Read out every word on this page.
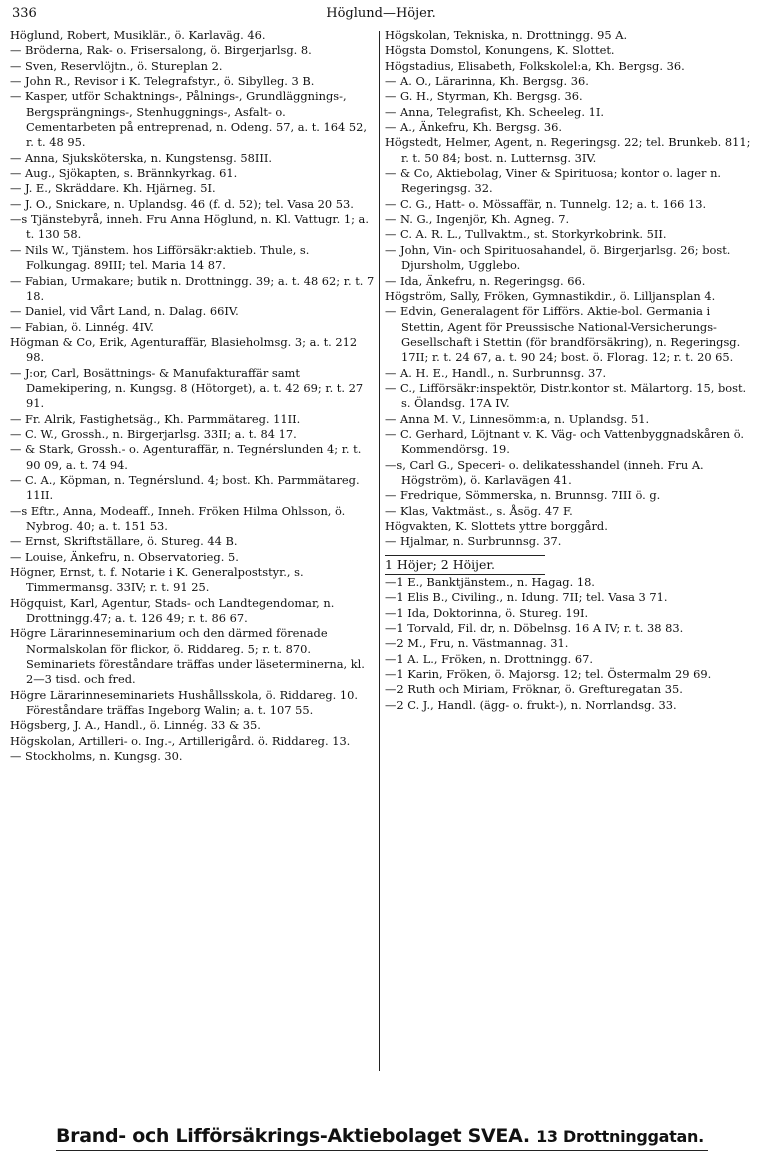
336	Höglund—Höjer.
Höglund, Robert, Musiklär., ö. Karlaväg. 46.
— Bröderna, Rak- o. Frisersalong, ö. Birgerjarlsg. 8.
— Sven, Reservlöjtn., ö. Stureplan 2.
— John R., Revisor i K. Telegrafstyr., ö. Sibylleg. 3 B.
— Kasper, utför Schaktnings-, Pålnings-, Grundläggnings-, Bergsprängnings-, Stenhuggnings-, Asfalt- o. Cementarbeten på entreprenad, n. Odeng. 57, a. t. 164 52, r. t. 48 95.
— Anna, Sjuksköterska, n. Kungstensg. 58III.
— Aug., Sjökapten, s. Brännkyrkag. 61.
— J. E., Skräddare. Kh. Hjärneg. 5I.
— J. O., Snickare, n. Uplandsg. 46 (f. d. 52); tel. Vasa 20 53.
—s Tjänstebyrå, inneh. Fru Anna Höglund, n. Kl. Vattugr. 1; a. t. 130 58.
— Nils W., Tjänstem. hos Lifförsäkr:aktieb. Thule, s. Folkungag. 89III; tel. Maria 14 87.
— Fabian, Urmakare; butik n. Drottningg. 39; a. t. 48 62; r. t. 7 18.
— Daniel, vid Vårt Land, n. Dalag. 66IV.
— Fabian, ö. Linnég. 4IV.
Högman & Co, Erik, Agenturaffär, Blasieholmsg. 3; a. t. 212 98.
— J:or, Carl, Bosättnings- & Manufakturaffär samt Damekipering, n. Kungsg. 8 (Hötorget), a. t. 42 69; r. t. 27 91.
— Fr. Alrik, Fastighetsäg., Kh. Parmmätareg. 11II.
— C. W., Grossh., n. Birgerjarlsg. 33II; a. t. 84 17.
— & Stark, Grossh.- o. Agenturaffär, n. Tegnérslunden 4; r. t. 90 09, a. t. 74 94.
— C. A., Köpman, n. Tegnérslund. 4; bost. Kh. Parmmätareg. 11II.
—s Eftr., Anna, Modeaff., Inneh. Fröken Hilma Ohlsson, ö. Nybrog. 40; a. t. 151 53.
— Ernst, Skriftställare, ö. Stureg. 44 B.
— Louise, Änkefru, n. Observatorieg. 5.
Högner, Ernst, t. f. Notarie i K. Generalpoststyr., s. Timmermansg. 33IV; r. t. 91 25.
Högquist, Karl, Agentur, Stads- och Landtegendomar, n. Drottningg.47; a. t. 126 49; r. t. 86 67.
Högre Lärarinneseminarium och den därmed förenade Normalskolan för flickor, ö. Riddareg. 5; r. t. 870. Seminariets föreståndare träffas under läseterminerna, kl. 2—3 tisd. och fred.
Högre Lärarinneseminariets Hushållsskola, ö. Riddareg. 10. Föreståndare träffas Ingeborg Walin; a. t. 107 55.
Högsberg, J. A., Handl., ö. Linnég. 33 & 35.
Högskolan, Artilleri- o. Ing.-, Artillerigård. ö. Riddareg. 13.
— Stockholms, n. Kungsg. 30.
Högskolan, Tekniska, n. Drottningg. 95 A.
Högsta Domstol, Konungens, K. Slottet.
Högstadius, Elisabeth, Folkskolel:a, Kh. Bergsg. 36.
— A. O., Lärarinna, Kh. Bergsg. 36.
— G. H., Styrman, Kh. Bergsg. 36.
— Anna, Telegrafist, Kh. Scheeleg. 1I.
— A., Änkefru, Kh. Bergsg. 36.
Högstedt, Helmer, Agent, n. Regeringsg. 22; tel. Brunkeb. 811; r. t. 50 84; bost. n. Lutternsg. 3IV.
— & Co, Aktiebolag, Viner & Spirituosa; kontor o. lager n. Regeringsg. 32.
— C. G., Hatt- o. Mössaffär, n. Tunnelg. 12; a. t. 166 13.
— N. G., Ingenjör, Kh. Agneg. 7.
— C. A. R. L., Tullvaktm., st. Storkyrkobrink. 5II.
— John, Vin- och Spirituosahandel, ö. Birgerjarlsg. 26; bost. Djursholm, Ugglebo.
— Ida, Änkefru, n. Regeringsg. 66.
Högström, Sally, Fröken, Gymnastikdir., ö. Lilljansplan 4.
— Edvin, Generalagent för Lifförs. Aktie-bol. Germania i Stettin, Agent för Preussische National-Versicherungs-Gesellschaft i Stettin (för brandförsäkring), n. Regeringsg. 17II; r. t. 24 67, a. t. 90 24; bost. ö. Florag. 12; r. t. 20 65.
— A. H. E., Handl., n. Surbrunnsg. 37.
— C., Lifförsäkr:inspektör, Distr.kontor st. Mälartorg. 15, bost. s. Ölandsg. 17A IV.
— Anna M. V., Linnesömm:a, n. Uplandsg. 51.
— C. Gerhard, Löjtnant v. K. Väg- och Vattenbyggnadskåren ö. Kommendörsg. 19.
—s, Carl G., Speceri- o. delikatesshandel (inneh. Fru A. Högström), ö. Karlavägen 41.
— Fredrique, Sömmerska, n. Brunnsg. 7III ö. g.
— Klas, Vaktmäst., s. Åsög. 47 F.
Högvakten, K. Slottets yttre borggård.
— Hjalmar, n. Surbrunnsg. 37.
1 Höjer; 2 Höijer.
—1 E., Banktjänstem., n. Hagag. 18.
—1 Elis B., Civiling., n. Idung. 7II; tel. Vasa 3 71.
—1 Ida, Doktorinna, ö. Stureg. 19I.
—1 Torvald, Fil. dr, n. Döbelnsg. 16 A IV; r. t. 38 83.
—2 M., Fru, n. Västmannag. 31.
—1 A. L., Fröken, n. Drottningg. 67.
—1 Karin, Fröken, ö. Majorsg. 12; tel. Östermalm 29 69.
—2 Ruth och Miriam, Fröknar, ö. Grefturegatan 35.
—2 C. J., Handl. (ägg- o. frukt-), n. Norrlandsg. 33.
Brand- och Lifförsäkrings-Aktiebolaget SVEA. 13 Drottninggatan.
